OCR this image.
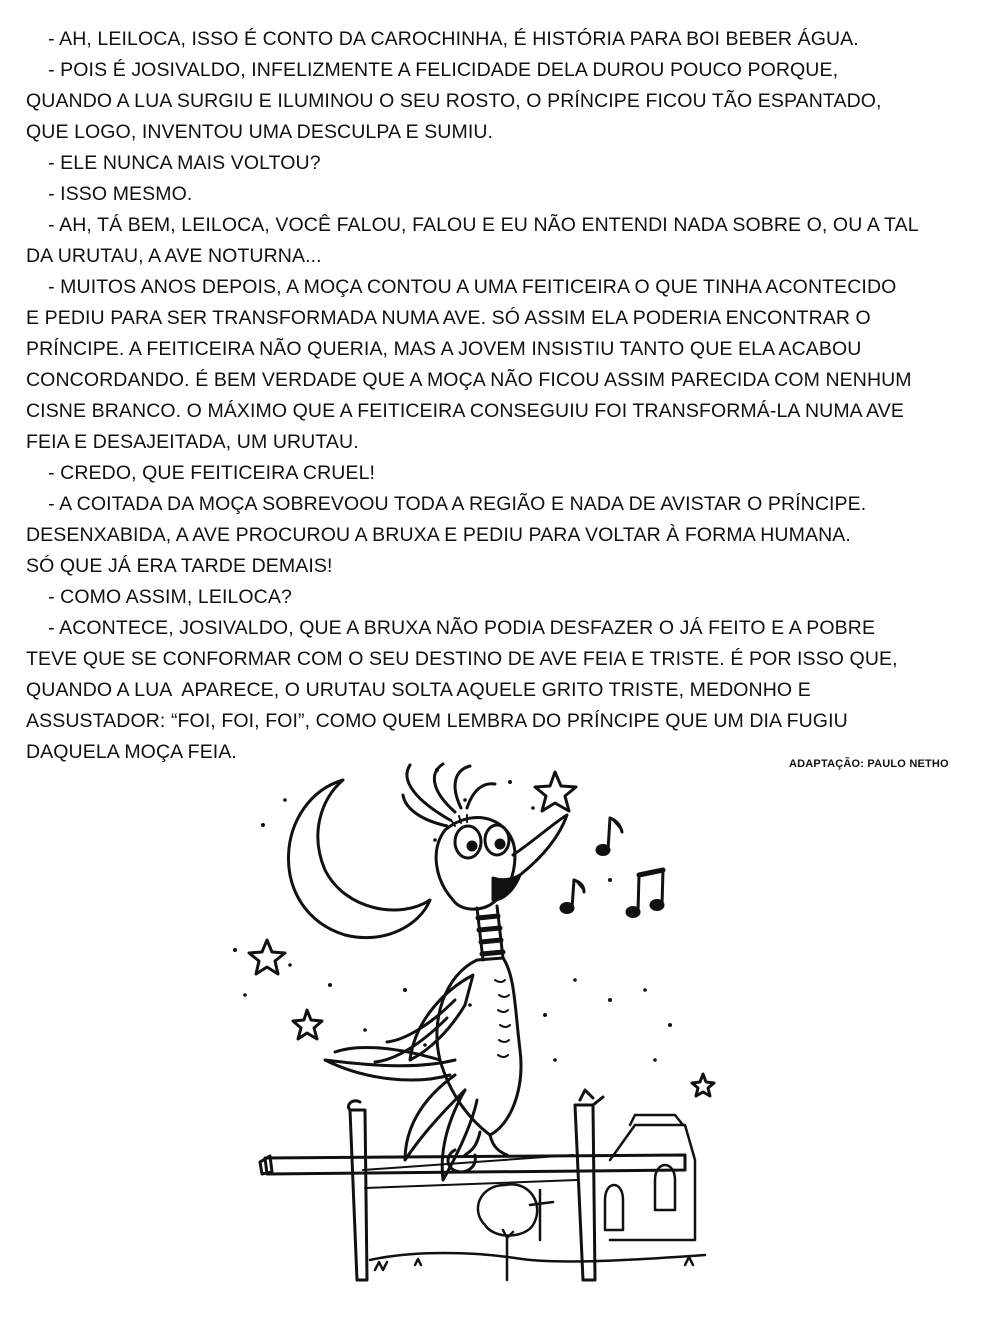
- AH, LEILOCA, ISSO É CONTO DA CAROCHINHA, É HISTÓRIA PARA BOI BEBER ÁGUA.
- POIS É JOSIVALDO, INFELIZMENTE A FELICIDADE DELA DUROU POUCO PORQUE,
QUANDO A LUA SURGIU E ILUMINOU O SEU ROSTO, O PRÍNCIPE FICOU TÃO ESPANTADO,
QUE LOGO, INVENTOU UMA DESCULPA E SUMIU.
- ELE NUNCA MAIS VOLTOU?
- ISSO MESMO.
- AH, TÁ BEM, LEILOCA, VOCÊ FALOU, FALOU E EU NÃO ENTENDI NADA SOBRE O, OU A TAL
DA URUTAU, A AVE NOTURNA...
- MUITOS ANOS DEPOIS, A MOÇA CONTOU A UMA FEITICEIRA O QUE TINHA ACONTECIDO
E PEDIU PARA SER TRANSFORMADA NUMA AVE. SÓ ASSIM ELA PODERIA ENCONTRAR O
PRÍNCIPE. A FEITICEIRA NÃO QUERIA, MAS A JOVEM INSISTIU TANTO QUE ELA ACABOU
CONCORDANDO. É BEM VERDADE QUE A MOÇA NÃO FICOU ASSIM PARECIDA COM NENHUM
CISNE BRANCO. O MÁXIMO QUE A FEITICEIRA CONSEGUIU FOI TRANSFORMÁ-LA NUMA AVE
FEIA E DESAJEITADA, UM URUTAU.
- CREDO, QUE FEITICEIRA CRUEL!
- A COITADA DA MOÇA SOBREVOOU TODA A REGIÃO E NADA DE AVISTAR O PRÍNCIPE.
DESENXABIDA, A AVE PROCUROU A BRUXA E PEDIU PARA VOLTAR À FORMA HUMANA.
SÓ QUE JÁ ERA TARDE DEMAIS!
- COMO ASSIM, LEILOCA?
- ACONTECE, JOSIVALDO, QUE A BRUXA NÃO PODIA DESFAZER O JÁ FEITO E A POBRE
TEVE QUE SE CONFORMAR COM O SEU DESTINO DE AVE FEIA E TRISTE. É POR ISSO QUE,
QUANDO A LUA  APARECE, O URUTAU SOLTA AQUELE GRITO TRISTE, MEDONHO E
ASSUSTADOR: “FOI, FOI, FOI”, COMO QUEM LEMBRA DO PRÍNCIPE QUE UM DIA FUGIU
DAQUELA MOÇA FEIA.
ADAPTAÇÃO: PAULO NETHO
